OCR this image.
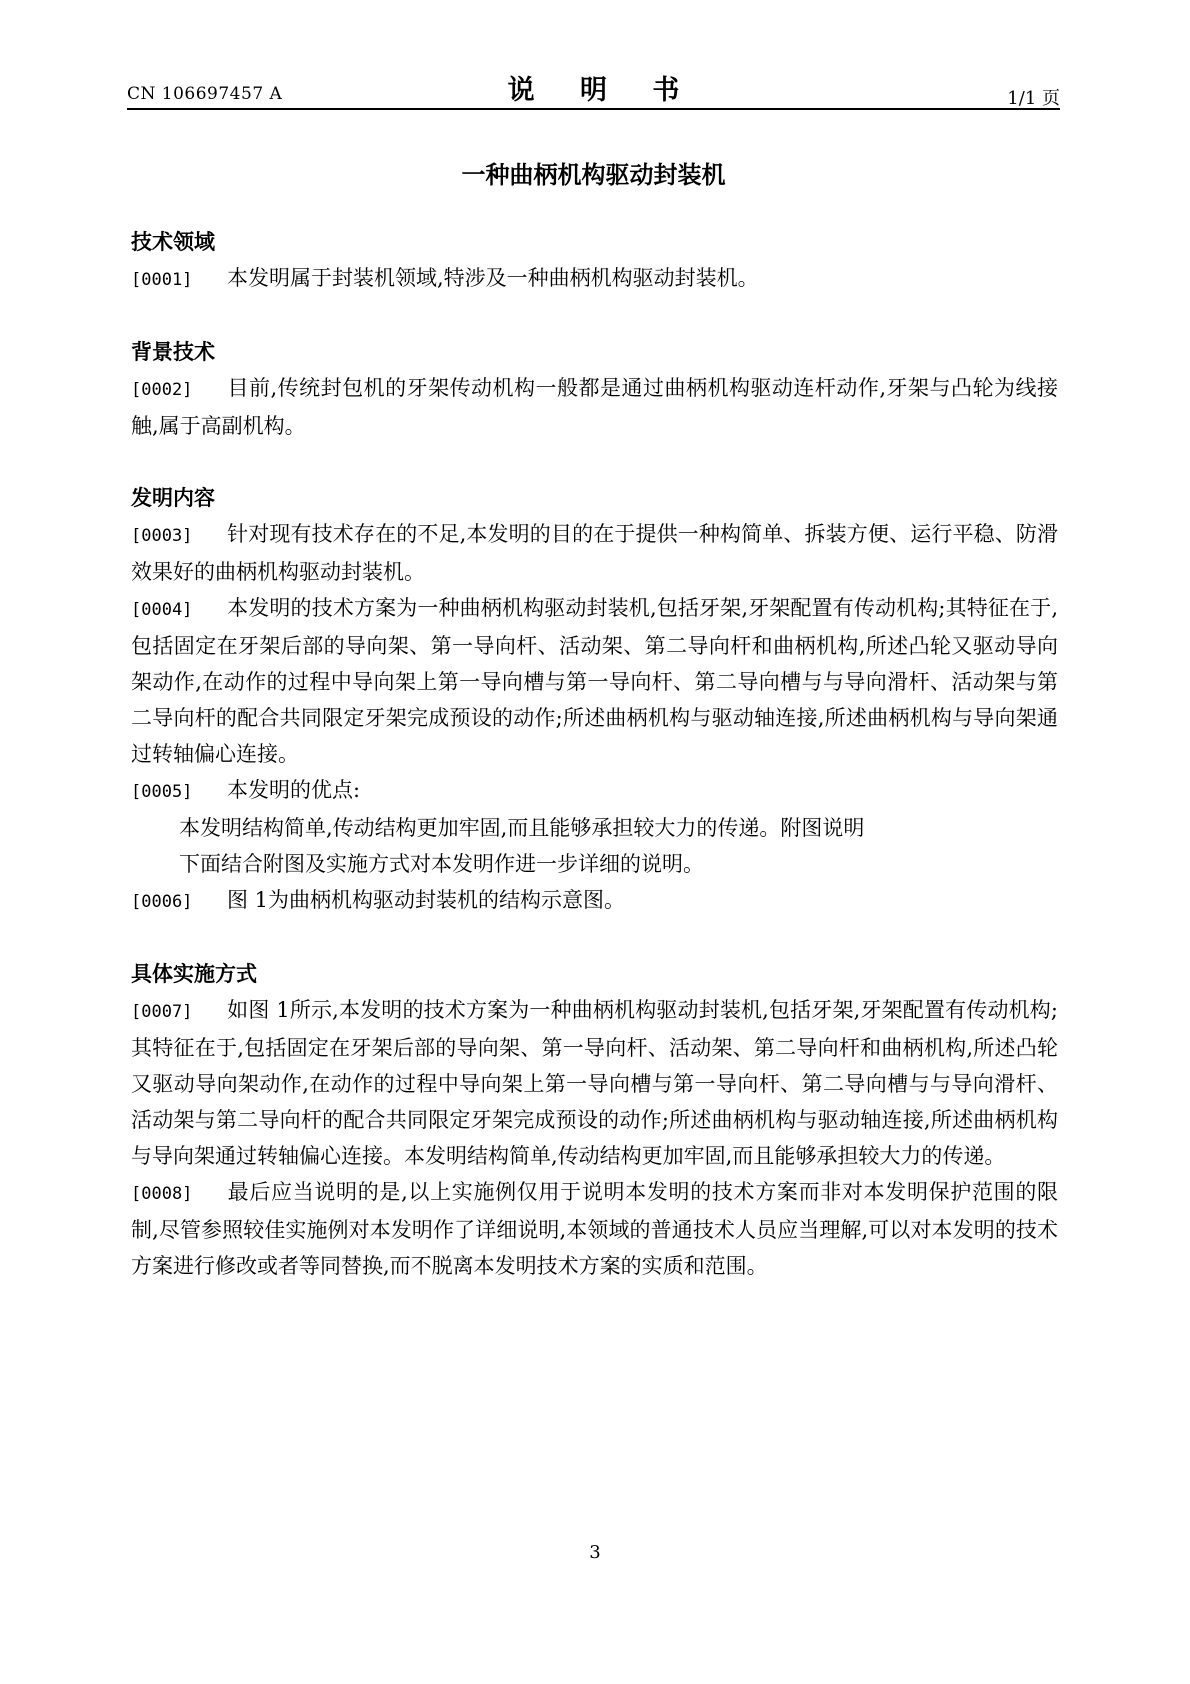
CN 106697457 A	说 明 书	1/1 页
一种曲柄机构驱动封装机
技术领域
[0001] 本发明属于封装机领域,特涉及一种曲柄机构驱动封装机。
背景技术
[0002] 目前,传统封包机的牙架传动机构一般都是通过曲柄机构驱动连杆动作,牙架与凸轮为线接触,属于高副机构。
发明内容
[0003] 针对现有技术存在的不足,本发明的目的在于提供一种构简单、拆装方便、运行平稳、防滑效果好的曲柄机构驱动封装机。
[0004] 本发明的技术方案为一种曲柄机构驱动封装机,包括牙架,牙架配置有传动机构;其特征在于,包括固定在牙架后部的导向架、第一导向杆、活动架、第二导向杆和曲柄机构,所述凸轮又驱动导向架动作,在动作的过程中导向架上第一导向槽与第一导向杆、第二导向槽与与导向滑杆、活动架与第二导向杆的配合共同限定牙架完成预设的动作;所述曲柄机构与驱动轴连接,所述曲柄机构与导向架通过转轴偏心连接。
[0005] 本发明的优点:
本发明结构简单,传动结构更加牢固,而且能够承担较大力的传递。附图说明
下面结合附图及实施方式对本发明作进一步详细的说明。
[0006] 图 1为曲柄机构驱动封装机的结构示意图。
具体实施方式
[0007] 如图 1所示,本发明的技术方案为一种曲柄机构驱动封装机,包括牙架,牙架配置有传动机构;其特征在于,包括固定在牙架后部的导向架、第一导向杆、活动架、第二导向杆和曲柄机构,所述凸轮又驱动导向架动作,在动作的过程中导向架上第一导向槽与第一导向杆、第二导向槽与与导向滑杆、活动架与第二导向杆的配合共同限定牙架完成预设的动作;所述曲柄机构与驱动轴连接,所述曲柄机构与导向架通过转轴偏心连接。本发明结构简单,传动结构更加牢固,而且能够承担较大力的传递。
[0008] 最后应当说明的是,以上实施例仅用于说明本发明的技术方案而非对本发明保护范围的限制,尽管参照较佳实施例对本发明作了详细说明,本领域的普通技术人员应当理解,可以对本发明的技术方案进行修改或者等同替换,而不脱离本发明技术方案的实质和范围。
3
